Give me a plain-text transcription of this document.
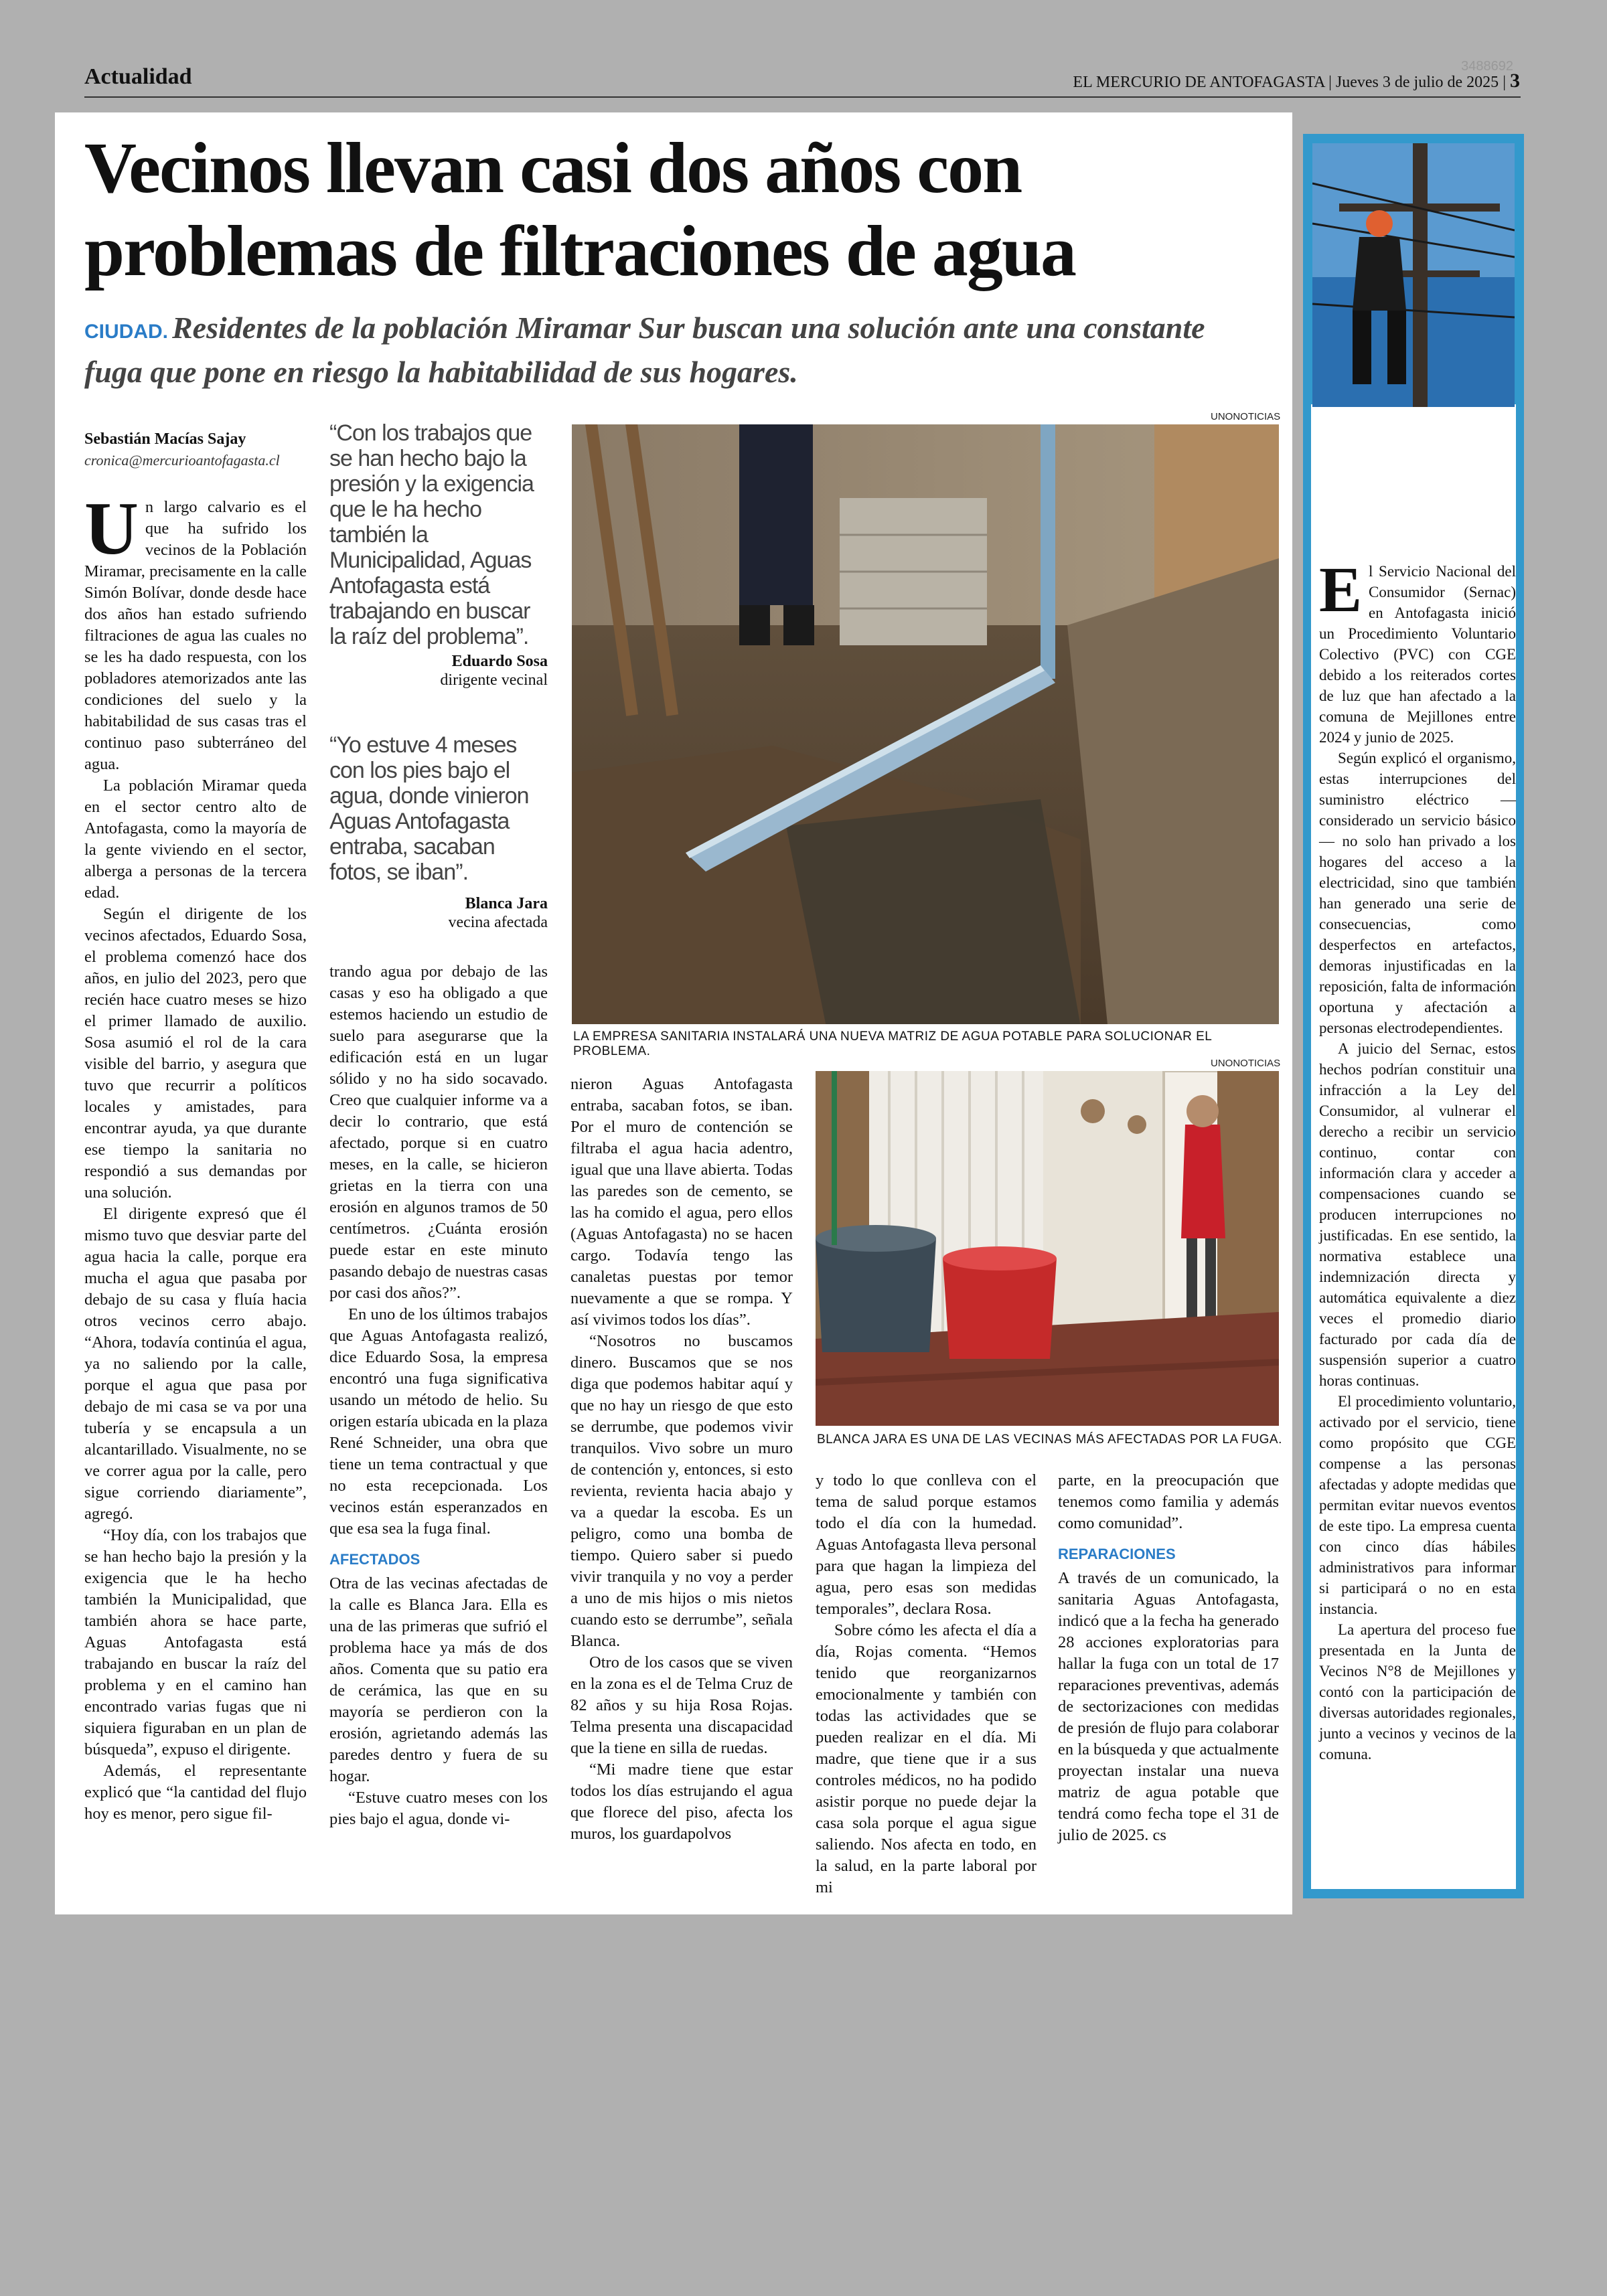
Actualidad	EL MERCURIO DE ANTOFAGASTA | Jueves 3 de julio de 2025 | 3
3488692
Vecinos llevan casi dos años con problemas de filtraciones de agua
CIUDAD. Residentes de la población Miramar Sur buscan una solución ante una constante fuga que pone en riesgo la habitabilidad de sus hogares.
Sebastián Macías Sajay
cronica@mercurioantofagasta.cl

Un largo calvario es el que ha sufrido los vecinos de la Población Miramar, precisamente en la calle Simón Bolívar, donde desde hace dos años han estado sufriendo filtraciones de agua las cuales no se les ha dado respuesta, con los pobladores atemorizados ante las condiciones del suelo y la habitabilidad de sus casas tras el continuo paso subterráneo del agua.

La población Miramar queda en el sector centro alto de Antofagasta, como la mayoría de la gente viviendo en el sector, alberga a personas de la tercera edad.

Según el dirigente de los vecinos afectados, Eduardo Sosa, el problema comenzó hace dos años, en julio del 2023, pero que recién hace cuatro meses se hizo el primer llamado de auxilio. Sosa asumió el rol de la cara visible del barrio, y asegura que tuvo que recurrir a políticos locales y amistades, para encontrar ayuda, ya que durante ese tiempo la sanitaria no respondió a sus demandas por una solución.

El dirigente expresó que él mismo tuvo que desviar parte del agua hacia la calle, porque era mucha el agua que pasaba por debajo de su casa y fluía hacia otros vecinos cerro abajo. “Ahora, todavía continúa el agua, ya no saliendo por la calle, porque el agua que pasa por debajo de mi casa se va por una tubería y se encapsula a un alcantarillado. Visualmente, no se ve correr agua por la calle, pero sigue corriendo diariamente”, agregó.

“Hoy día, con los trabajos que se han hecho bajo la presión y la exigencia que le ha hecho también la Municipalidad, que también ahora se hace parte, Aguas Antofagasta está trabajando en buscar la raíz del problema y en el camino han encontrado varias fugas que ni siquiera figuraban en un plan de búsqueda”, expuso el dirigente.

Además, el representante explicó que “la cantidad del flujo hoy es menor, pero sigue fil-

“Con los trabajos que se han hecho bajo la presión y la exigencia que le ha hecho también la Municipalidad, Aguas Antofagasta está trabajando en buscar la raíz del problema”.
Eduardo Sosa
dirigente vecinal
“Yo estuve 4 meses con los pies bajo el agua, donde vinieron Aguas Antofagasta entraba, sacaban fotos, se iban”.
Blanca Jara
vecina afectada

trando agua por debajo de las casas y eso ha obligado a que estemos haciendo un estudio de suelo para asegurarse que la edificación está en un lugar sólido y no ha sido socavado. Creo que cualquier informe va a decir lo contrario, que está afectado, porque si en cuatro meses, en la calle, se hicieron grietas en la tierra con una erosión en algunos tramos de 50 centímetros. ¿Cuánta erosión puede estar en este minuto pasando debajo de nuestras casas por casi dos años?”.

En uno de los últimos trabajos que Aguas Antofagasta realizó, dice Eduardo Sosa, la empresa encontró una fuga significativa usando un método de helio. Su origen estaría ubicada en la plaza René Schneider, una obra que tiene un tema contractual y que no esta recepcionada. Los vecinos están esperanzados en que esa sea la fuga final.

AFECTADOS

Otra de las vecinas afectadas de la calle es Blanca Jara. Ella es una de las primeras que sufrió el problema hace ya más de dos años. Comenta que su patio era de cerámica, las que en su mayoría se perdieron con la erosión, agrietando además las paredes dentro y fuera de su hogar.

“Estuve cuatro meses con los pies bajo el agua, donde vi-

UNONOTICIAS
LA EMPRESA SANITARIA INSTALARÁ UNA NUEVA MATRIZ DE AGUA POTABLE PARA SOLUCIONAR EL PROBLEMA.
UNONOTICIAS
BLANCA JARA ES UNA DE LAS VECINAS MÁS AFECTADAS POR LA FUGA.

nieron Aguas Antofagasta entraba, sacaban fotos, se iban. Por el muro de contención se filtraba el agua hacia adentro, igual que una llave abierta. Todas las paredes son de cemento, se las ha comido el agua, pero ellos (Aguas Antofagasta) no se hacen cargo. Todavía tengo las canaletas puestas por temor nuevamente a que se rompa. Y así vivimos todos los días”.

“Nosotros no buscamos dinero. Buscamos que se nos diga que podemos habitar aquí y que no hay un riesgo de que esto se derrumbe, que podemos vivir tranquilos. Vivo sobre un muro de contención y, entonces, si esto revienta, revienta hacia abajo y va a quedar la escoba. Es un peligro, como una bomba de tiempo. Quiero saber si puedo vivir tranquila y no voy a perder a uno de mis hijos o mis nietos cuando esto se derrumbe”, señala Blanca.

Otro de los casos que se viven en la zona es el de Telma Cruz de 82 años y su hija Rosa Rojas. Telma presenta una discapacidad que la tiene en silla de ruedas.

“Mi madre tiene que estar todos los días estrujando el agua que florece del piso, afecta los muros, los guardapolvos

y todo lo que conlleva con el tema de salud porque estamos todo el día con la humedad. Aguas Antofagasta lleva personal para que hagan la limpieza del agua, pero esas son medidas temporales”, declara Rosa.

Sobre cómo les afecta el día a día, Rojas comenta. “Hemos tenido que reorganizarnos emocionalmente y también con todas las actividades que se pueden realizar en el día. Mi madre, que tiene que ir a sus controles médicos, no ha podido asistir porque no puede dejar la casa sola porque el agua sigue saliendo. Nos afecta en todo, en la salud, en la parte laboral por mi

parte, en la preocupación que tenemos como familia y además como comunidad”.

REPARACIONES

A través de un comunicado, la sanitaria Aguas Antofagasta, indicó que a la fecha ha generado 28 acciones exploratorias para hallar la fuga con un total de 17 reparaciones preventivas, además de sectorizaciones con medidas de presión de flujo para colaborar en la búsqueda y que actualmente proyectan instalar una nueva matriz de agua potable que tendrá como fecha tope el 31 de julio de 2025. cs

Sernac inicia mediación con CGE por cortes de luz en Mejillones

El Servicio Nacional del Consumidor (Sernac) en Antofagasta inició un Procedimiento Voluntario Colectivo (PVC) con CGE debido a los reiterados cortes de luz que han afectado a la comuna de Mejillones entre 2024 y junio de 2025.

Según explicó el organismo, estas interrupciones del suministro eléctrico —considerado un servicio básico— no solo han privado a los hogares del acceso a la electricidad, sino que también han generado una serie de consecuencias, como desperfectos en artefactos, demoras injustificadas en la reposición, falta de información oportuna y afectación a personas electrodependientes.

A juicio del Sernac, estos hechos podrían constituir una infracción a la Ley del Consumidor, al vulnerar el derecho a recibir un servicio continuo, contar con información clara y acceder a compensaciones cuando se producen interrupciones no justificadas. En ese sentido, la normativa establece una indemnización directa y automática equivalente a diez veces el promedio diario facturado por cada día de suspensión superior a cuatro horas continuas.

El procedimiento voluntario, activado por el servicio, tiene como propósito que CGE compense a las personas afectadas y adopte medidas que permitan evitar nuevos eventos de este tipo. La empresa cuenta con cinco días hábiles administrativos para informar si participará o no en esta instancia.

La apertura del proceso fue presentada en la Junta de Vecinos N°8 de Mejillones y contó con la participación de diversas autoridades regionales, junto a vecinos y vecinos de la comuna.
